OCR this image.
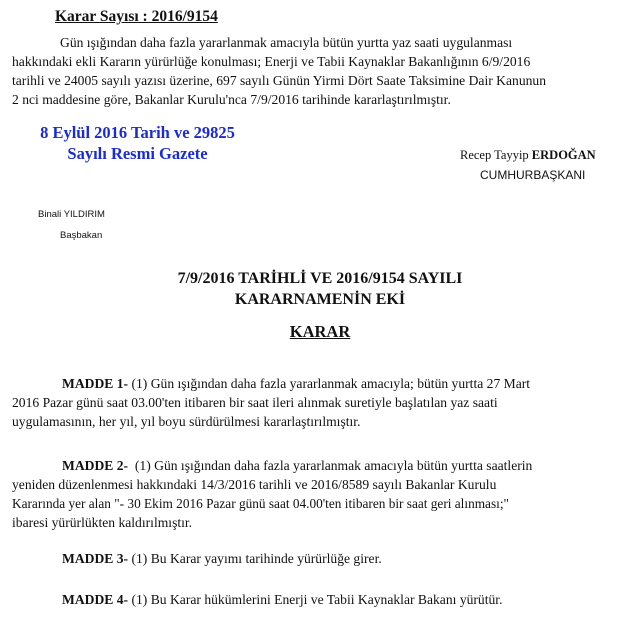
Karar Sayısı : 2016/9154
Gün ışığından daha fazla yararlanmak amacıyla bütün yurtta yaz saati uygulanması
hakkındaki ekli Kararın yürürlüğe konulması; Enerji ve Tabii Kaynaklar Bakanlığının 6/9/2016
tarihli ve 24005 sayılı yazısı üzerine, 697 sayılı Günün Yirmi Dört Saate Taksimine Dair Kanunun
2 nci maddesine göre, Bakanlar Kurulu'nca 7/9/2016 tarihinde kararlaştırılmıştır.
8 Eylül 2016 Tarih ve 29825
Sayılı Resmi Gazete	Recep Tayyip ERDOĞAN
CUMHURBAŞKANI
Binali YILDIRIM
Başbakan
7/9/2016 TARİHLİ VE 2016/9154 SAYILI
KARARNAMENİN EKİ
KARAR
MADDE 1- (1) Gün ışığından daha fazla yararlanmak amacıyla; bütün yurtta 27 Mart
2016 Pazar günü saat 03.00'ten itibaren bir saat ileri alınmak suretiyle başlatılan yaz saati
uygulamasının, her yıl, yıl boyu sürdürülmesi kararlaştırılmıştır.
MADDE 2-  (1) Gün ışığından daha fazla yararlanmak amacıyla bütün yurtta saatlerin
yeniden düzenlenmesi hakkındaki 14/3/2016 tarihli ve 2016/8589 sayılı Bakanlar Kurulu
Kararında yer alan "- 30 Ekim 2016 Pazar günü saat 04.00'ten itibaren bir saat geri alınması;"
ibaresi yürürlükten kaldırılmıştır.
MADDE 3- (1) Bu Karar yayımı tarihinde yürürlüğe girer.
MADDE 4- (1) Bu Karar hükümlerini Enerji ve Tabii Kaynaklar Bakanı yürütür.
